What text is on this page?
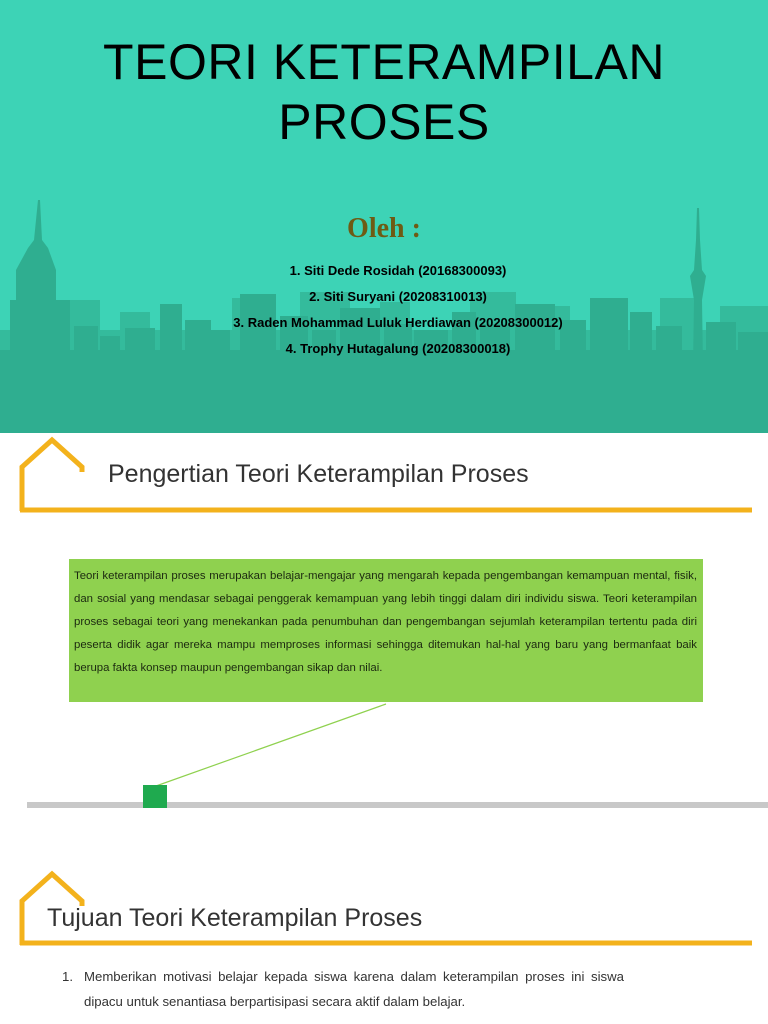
TEORI KETERAMPILAN PROSES
Oleh :
1. Siti Dede Rosidah (20168300093)
2. Siti Suryani (20208310013)
3. Raden Mohammad Luluk Herdiawan (20208300012)
4. Trophy Hutagalung (20208300018)
Pengertian Teori Keterampilan Proses
Teori keterampilan proses merupakan belajar-mengajar yang mengarah kepada pengembangan kemampuan mental, fisik, dan sosial yang mendasar sebagai penggerak kemampuan yang lebih tinggi dalam diri individu siswa. Teori keterampilan proses sebagai teori yang menekankan pada penumbuhan dan pengembangan sejumlah keterampilan tertentu pada diri peserta didik agar mereka mampu memproses informasi sehingga ditemukan hal-hal yang baru yang bermanfaat baik berupa fakta konsep maupun pengembangan sikap dan nilai.
Tujuan Teori Keterampilan Proses
1. Memberikan motivasi belajar kepada siswa karena dalam keterampilan proses ini siswa dipacu untuk senantiasa berpartisipasi secara aktif dalam belajar.
